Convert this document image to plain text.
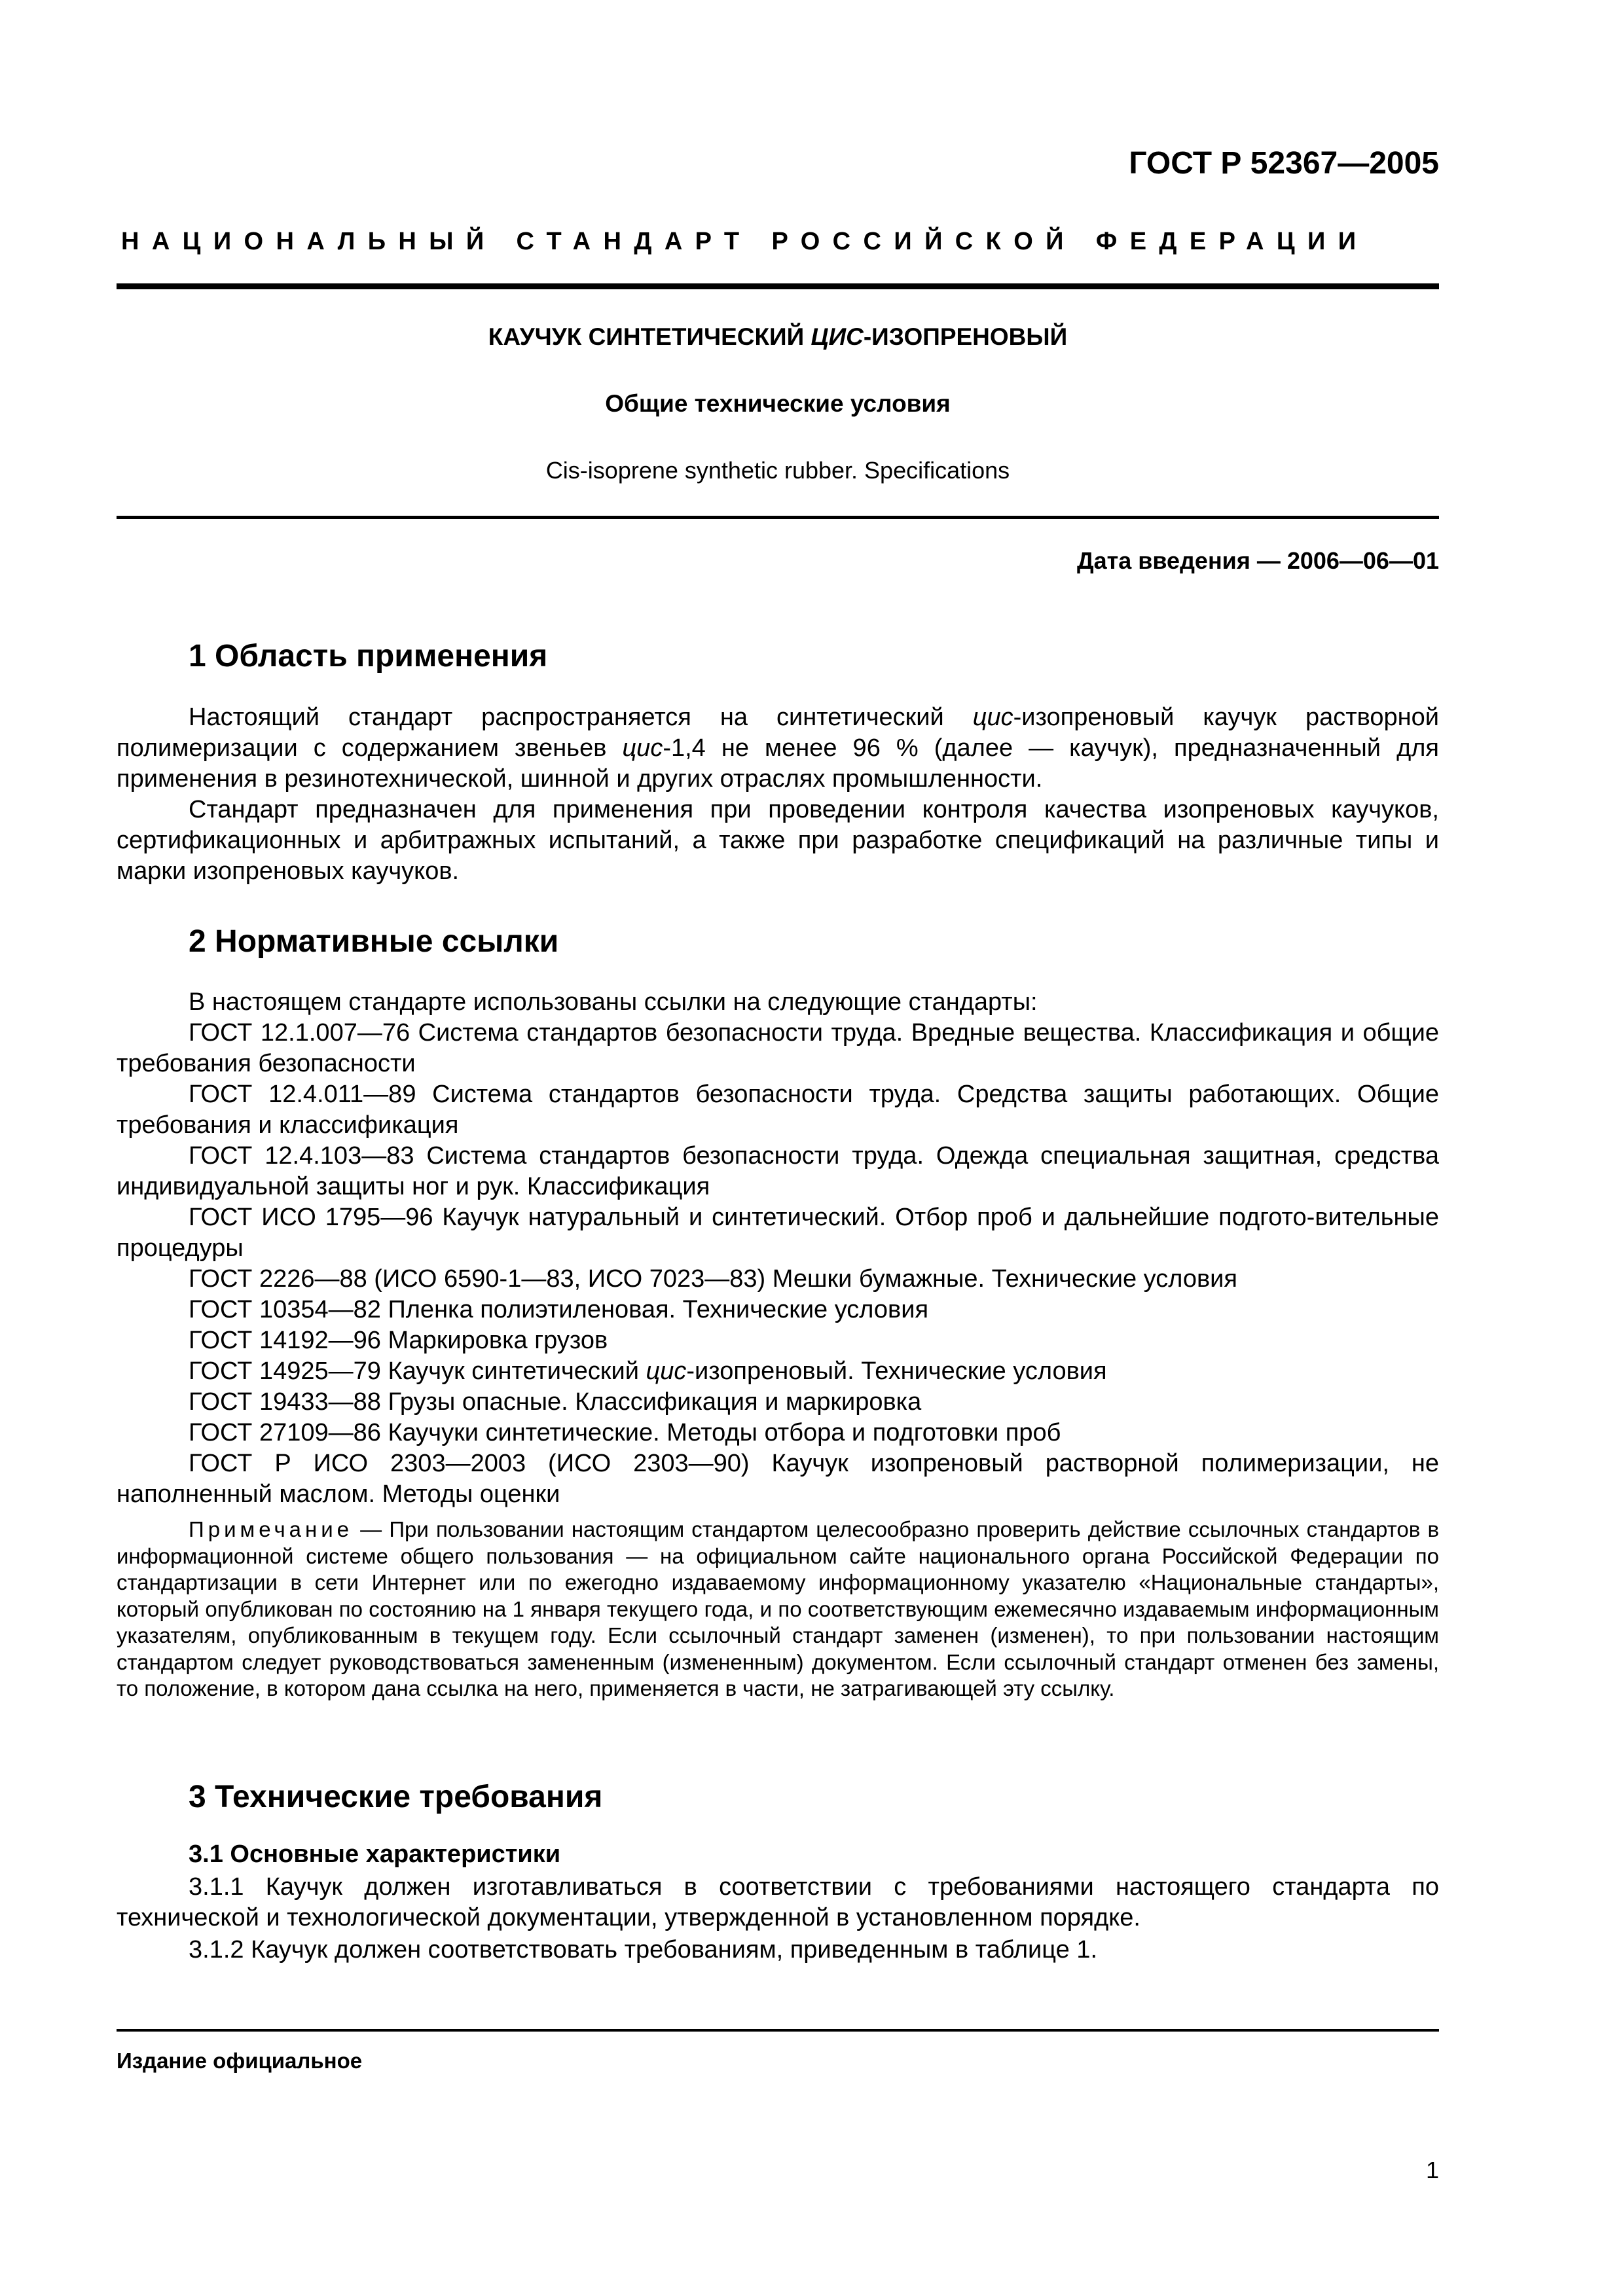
ГОСТ Р 52367—2005
НАЦИОНАЛЬНЫЙ СТАНДАРТ РОССИЙСКОЙ ФЕДЕРАЦИИ
КАУЧУК СИНТЕТИЧЕСКИЙ ЦИС-ИЗОПРЕНОВЫЙ
Общие технические условия
Cis-isoprene synthetic rubber. Specifications
Дата введения — 2006—06—01
1 Область применения
Настоящий стандарт распространяется на синтетический цис-изопреновый каучук растворной полимеризации с содержанием звеньев цис-1,4 не менее 96 % (далее — каучук), предназначенный для применения в резинотехнической, шинной и других отраслях промышленности.
Стандарт предназначен для применения при проведении контроля качества изопреновых каучуков, сертификационных и арбитражных испытаний, а также при разработке спецификаций на различные типы и марки изопреновых каучуков.
2 Нормативные ссылки
В настоящем стандарте использованы ссылки на следующие стандарты:
ГОСТ 12.1.007—76 Система стандартов безопасности труда. Вредные вещества. Классификация и общие требования безопасности
ГОСТ 12.4.011—89 Система стандартов безопасности труда. Средства защиты работающих. Общие требования и классификация
ГОСТ 12.4.103—83 Система стандартов безопасности труда. Одежда специальная защитная, средства индивидуальной защиты ног и рук. Классификация
ГОСТ ИСО 1795—96 Каучук натуральный и синтетический. Отбор проб и дальнейшие подгото-вительные процедуры
ГОСТ 2226—88 (ИСО 6590-1—83, ИСО 7023—83) Мешки бумажные. Технические условия
ГОСТ 10354—82 Пленка полиэтиленовая. Технические условия
ГОСТ 14192—96 Маркировка грузов
ГОСТ 14925—79 Каучук синтетический цис-изопреновый. Технические условия
ГОСТ 19433—88 Грузы опасные. Классификация и маркировка
ГОСТ 27109—86 Каучуки синтетические. Методы отбора и подготовки проб
ГОСТ Р ИСО 2303—2003 (ИСО 2303—90) Каучук изопреновый растворной полимеризации, не наполненный маслом. Методы оценки
Примечание — При пользовании настоящим стандартом целесообразно проверить действие ссылочных стандартов в информационной системе общего пользования — на официальном сайте национального органа Российской Федерации по стандартизации в сети Интернет или по ежегодно издаваемому информационному указателю «Национальные стандарты», который опубликован по состоянию на 1 января текущего года, и по соответствующим ежемесячно издаваемым информационным указателям, опубликованным в текущем году. Если ссылочный стандарт заменен (изменен), то при пользовании настоящим стандартом следует руководствоваться замененным (измененным) документом. Если ссылочный стандарт отменен без замены, то положение, в котором дана ссылка на него, применяется в части, не затрагивающей эту ссылку.
3 Технические требования
3.1 Основные характеристики
3.1.1 Каучук должен изготавливаться в соответствии с требованиями настоящего стандарта по технической и технологической документации, утвержденной в установленном порядке.
3.1.2 Каучук должен соответствовать требованиям, приведенным в таблице 1.
Издание официальное
1
